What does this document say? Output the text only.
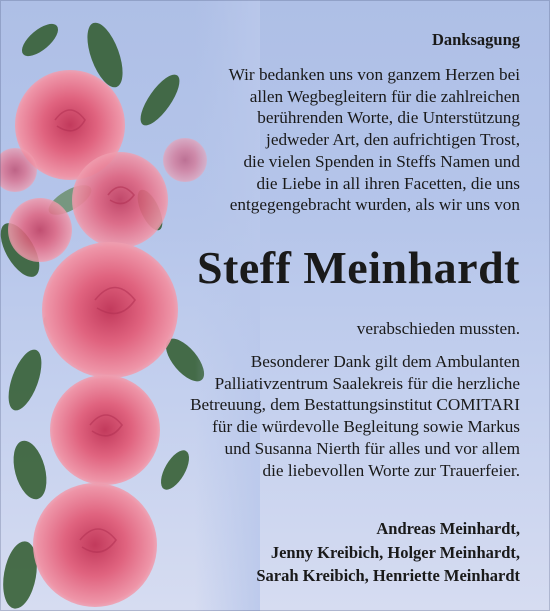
Danksagung
Wir bedanken uns von ganzem Herzen bei
allen Wegbegleitern für die zahlreichen
berührenden Worte, die Unterstützung
jedweder Art, den aufrichtigen Trost,
die vielen Spenden in Steffs Namen und
die Liebe in all ihren Facetten, die uns
entgegengebracht wurden, als wir uns von
Steff Meinhardt
verabschieden mussten.
Besonderer Dank gilt dem Ambulanten
Palliativzentrum Saalekreis für die herzliche
Betreuung, dem Bestattungsinstitut COMITARI
für die würdevolle Begleitung sowie Markus
und Susanna Nierth für alles und vor allem
die liebevollen Worte zur Trauerfeier.
Andreas Meinhardt,
Jenny Kreibich, Holger Meinhardt,
Sarah Kreibich, Henriette Meinhardt
